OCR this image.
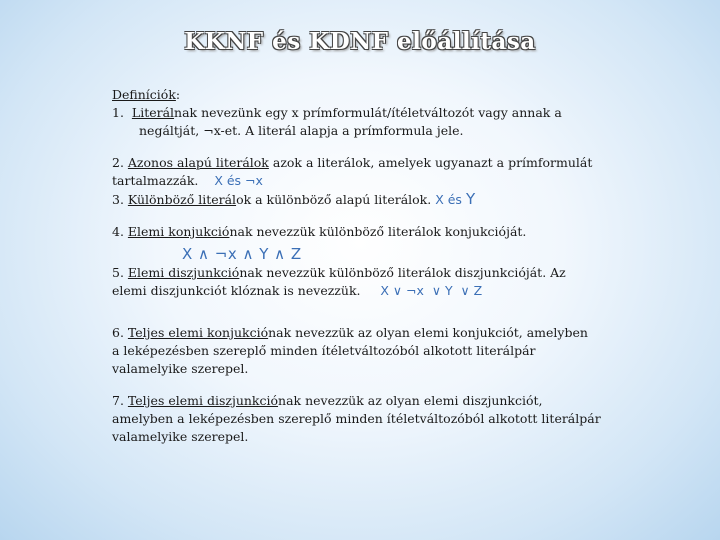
KKNF és KDNF előállítása
Definíciók:
1. Literálnak nevezünk egy x prímformulát/ítéletváltozót vagy annak a
negáltját, ¬x-et. A literál alapja a prímformula jele.
2. Azonos alapú literálok azok a literálok, amelyek ugyanazt a prímformulát
tartalmazzák. X és ¬x
3. Különböző literálok a különböző alapú literálok. X és Y
4. Elemi konjukciónak nevezzük különböző literálok konjukcióját.
X ∧ ¬x ∧ Y ∧ Z
5. Elemi diszjunkciónak nevezzük különböző literálok diszjunkcióját. Az
elemi diszjunkciót klóznak is nevezzük. X ∨ ¬x  ∨ Y  ∨ Z
6. Teljes elemi konjukciónak nevezzük az olyan elemi konjukciót, amelyben
a leképezésben szereplő minden ítéletváltozóból alkotott literálpár
valamelyike szerepel.
7. Teljes elemi diszjunkciónak nevezzük az olyan elemi diszjunkciót,
amelyben a leképezésben szereplő minden ítéletváltozóból alkotott literálpár
valamelyike szerepel.
